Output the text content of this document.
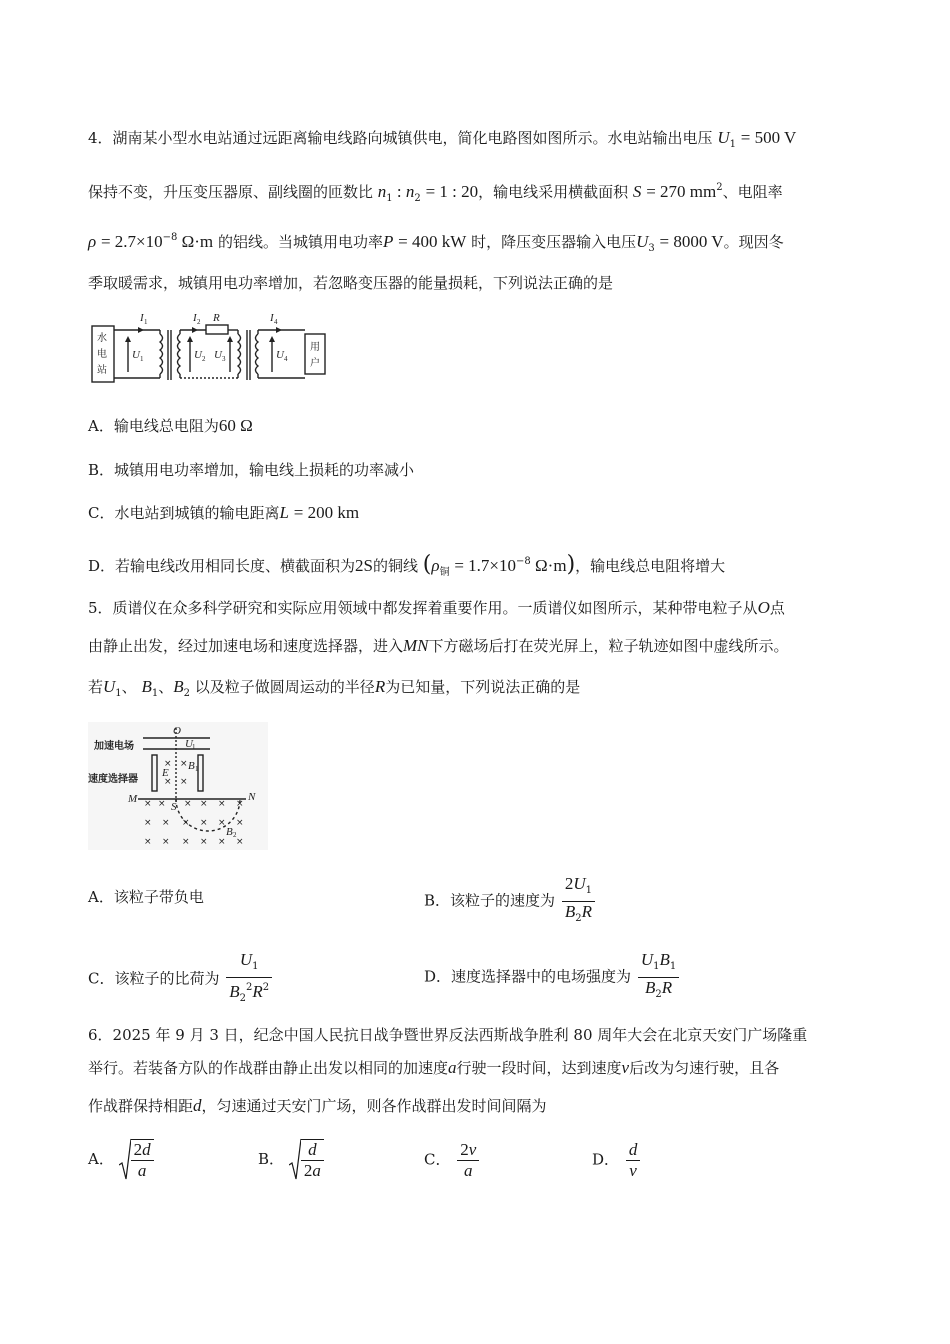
4．湖南某小型水电站通过远距离输电线路向城镇供电，简化电路图如图所示。水电站输出电压 $U_1 = 500$ V
保持不变，升压变压器原、副线圈的匝数比 $n_1$ : $n_2 = 1$ : 20，输电线采用横截面积 S = 270 $mm^2$、电阻率
$\rho = 2.7\times 10^{-8}$ Ω·m 的铝线。当城镇用电功率P = 400 kW 时，降压变压器输入电压$U_3 = 8000$ V。现因冬
季取暖需求，城镇用电功率增加，若忽略变压器的能量损耗，下列说法正确的是
水
电
站
用
户
I 1	I 2 R	I 4
U 1	U 2 U 3	U 4
A．输电线总电阻为60 Ω
B．城镇用电功率增加，输电线上损耗的功率减小
C．水电站到城镇的输电距离L = 200 km
D．若输电线改用相同长度、横截面积为2S的铜线 ($\rho_铜 = 1.7\times 10^{-8}$ Ω·m)，输电线总电阻将增大
5．质谱仪在众多科学研究和实际应用领域中都发挥着重要作用。一质谱仪如图所示，某种带电粒子从O点
由静止出发，经过加速电场和速度选择器，进入MN下方磁场后打在荧光屏上，粒子轨迹如图中虚线所示。
若$U_1$、 $B_1$、$B_2$ 以及粒子做圆周运动的半径R为已知量，下列说法正确的是
加速电场
速度选择器
O
U 1
B 1
E
M	N
S
B 2
× ×
× ×
× × × × × ×
× × × × × ×
× × × × × ×
A．该粒子带负电	B．该粒子的速度为 $\frac{2U_1}{B_2R}$
C．该粒子的比荷为 $\frac{U_1}{B_2^2R^2}$	D．速度选择器中的电场强度为 $\frac{U_1B_1}{B_2R}$
6．2025 年 9 月 3 日，纪念中国人民抗日战争暨世界反法西斯战争胜利 80 周年大会在北京天安门广场隆重
举行。若装备方队的作战群由静止出发以相同的加速度a行驶一段时间，达到速度v后改为匀速行驶，且各
作战群保持相距d，匀速通过天安门广场，则各作战群出发时间间隔为
A． $\frac{2d}{a}$	B． $\frac{d}{2a}$	C． $\frac{2v}{a}$	D． $\frac{d}{v}$
